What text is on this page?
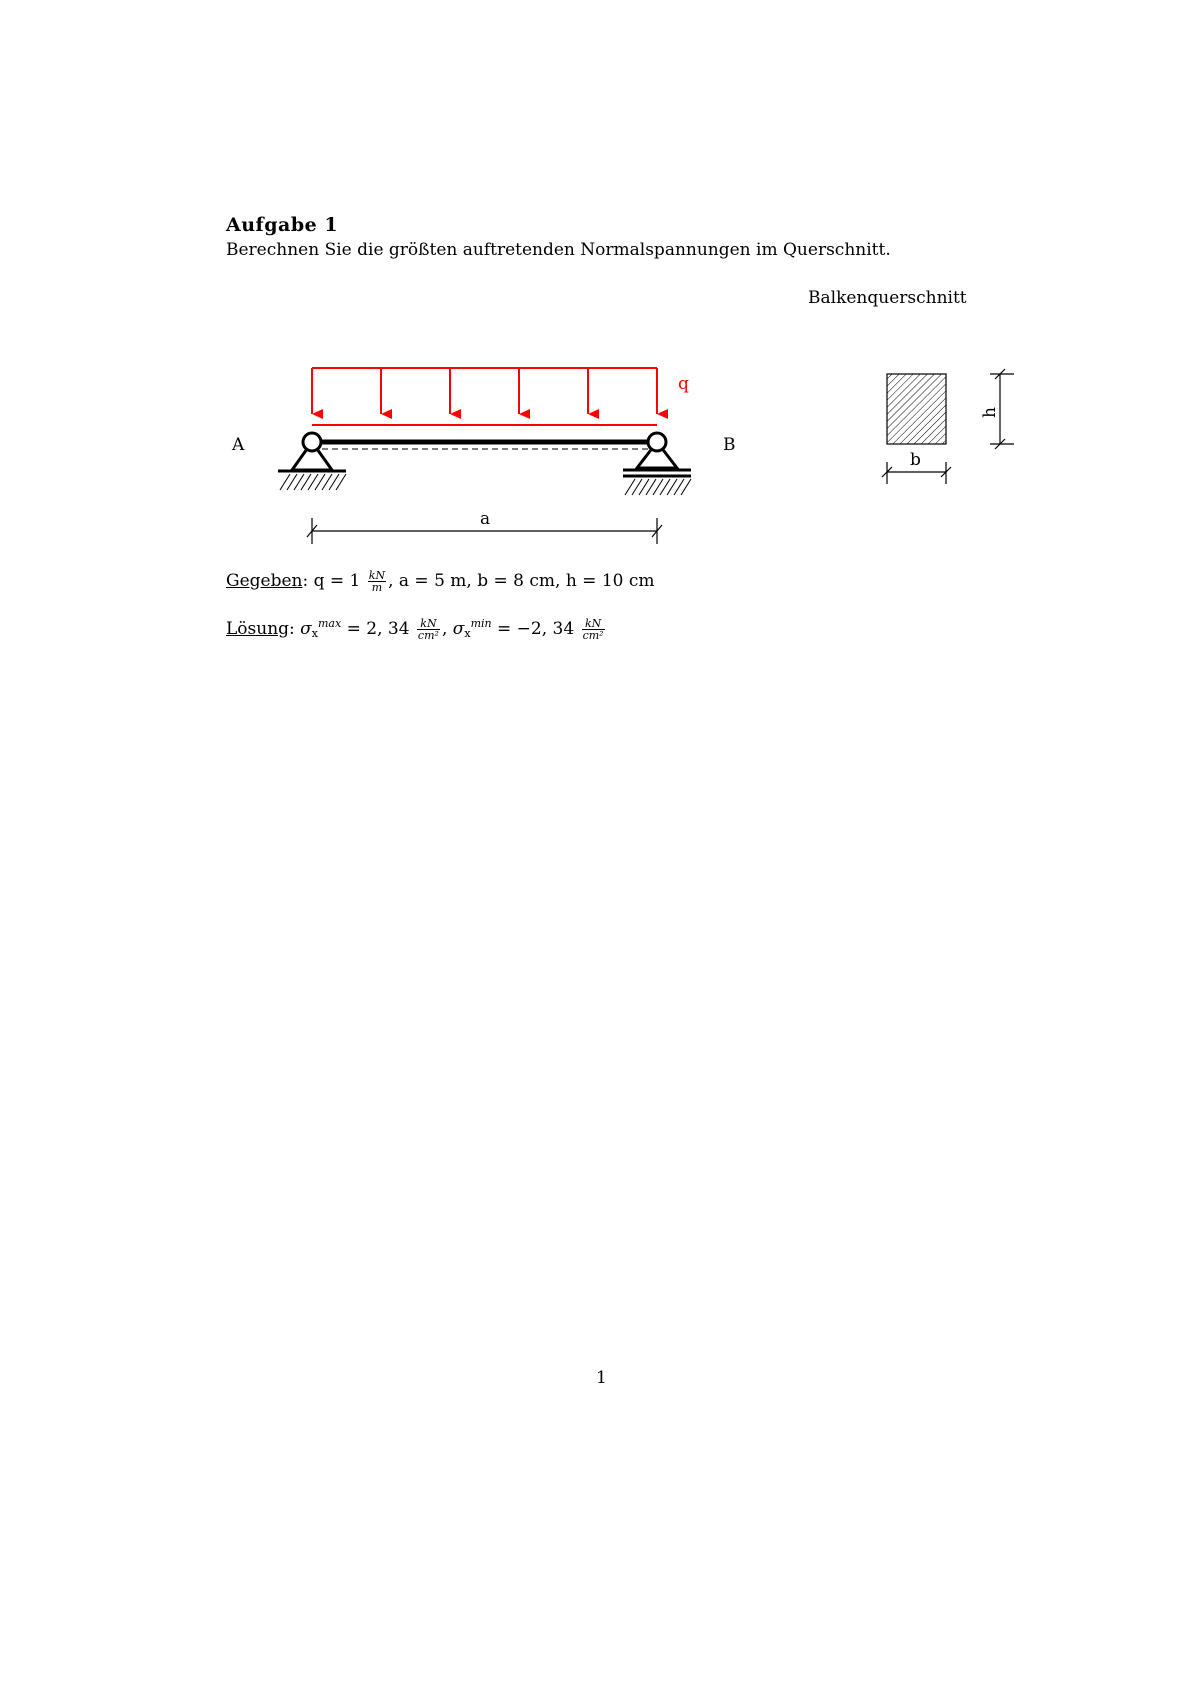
Aufgabe 1
Berechnen Sie die größten auftretenden Normalspannungen im Querschnitt.
Balkenquerschnitt
q
A	B
a
b
h
Gegeben: $q = 1 \frac{kN}{m}$ , a = 5 m, b = 8 cm, h = 10 cm
Lösung: $\sigma_x^{max} = 2$, $34 \frac{kN}{\text{cm²}}$ , $\sigma_x^{min} = -2$, $34 \frac{kN}{\text{cm²}}$
1
